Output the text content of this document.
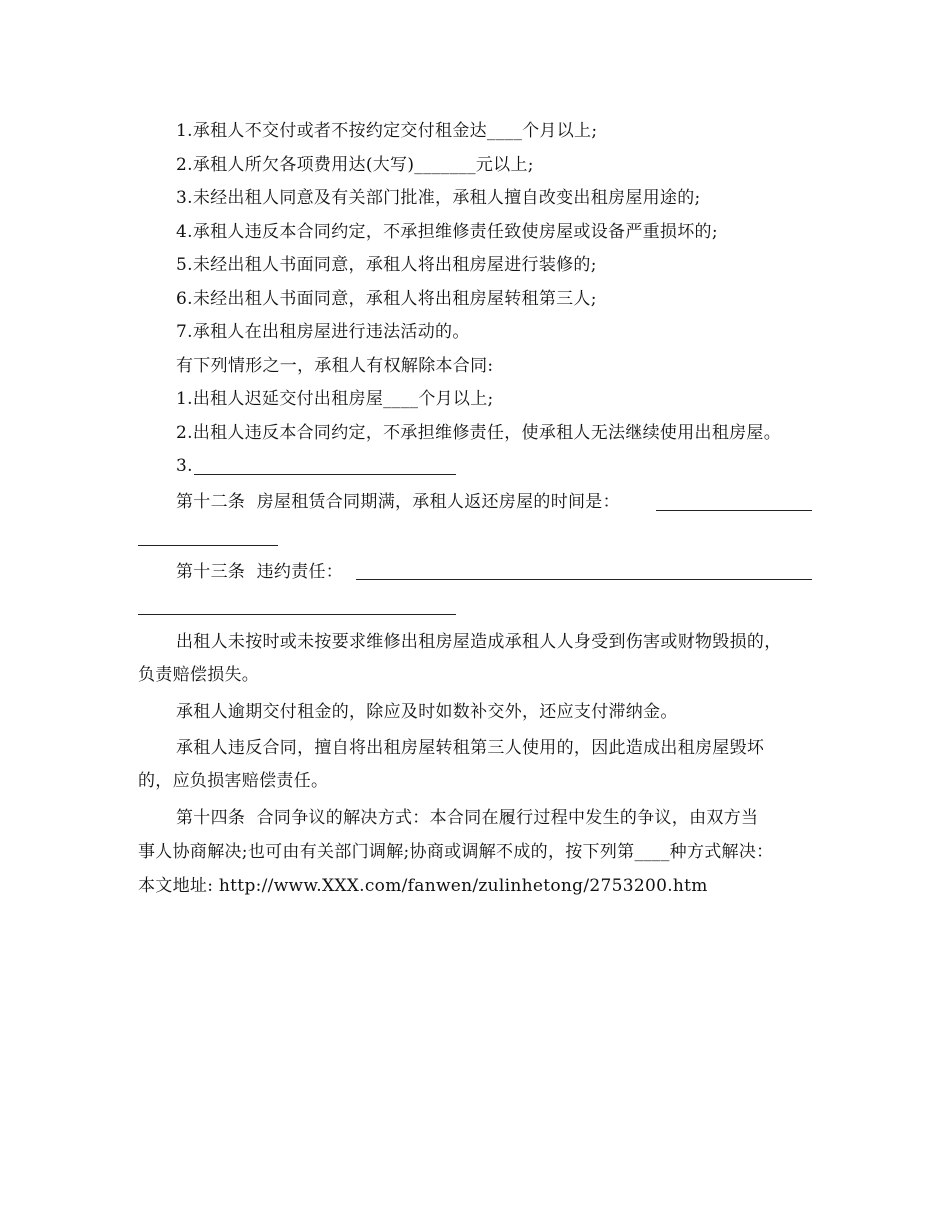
1.承租人不交付或者不按约定交付租金达____个月以上;
2.承租人所欠各项费用达(大写)_______元以上;
3.未经出租人同意及有关部门批准，承租人擅自改变出租房屋用途的;
4.承租人违反本合同约定，不承担维修责任致使房屋或设备严重损坏的;
5.未经出租人书面同意，承租人将出租房屋进行装修的;
6.未经出租人书面同意，承租人将出租房屋转租第三人;
7.承租人在出租房屋进行违法活动的。
有下列情形之一，承租人有权解除本合同:
1.出租人迟延交付出租房屋____个月以上;
2.出租人违反本合同约定，不承担维修责任，使承租人无法继续使用出租房屋。
3.
第十二条  房屋租赁合同期满，承租人返还房屋的时间是：
第十三条  违约责任：
出租人未按时或未按要求维修出租房屋造成承租人人身受到伤害或财物毁损的，
负责赔偿损失。
承租人逾期交付租金的，除应及时如数补交外，还应支付滞纳金。
承租人违反合同，擅自将出租房屋转租第三人使用的，因此造成出租房屋毁坏
的，应负损害赔偿责任。
第十四条  合同争议的解决方式：本合同在履行过程中发生的争议，由双方当
事人协商解决;也可由有关部门调解;协商或调解不成的，按下列第____种方式解决：
本文地址: http://www.XXX.com/fanwen/zulinhetong/2753200.htm
